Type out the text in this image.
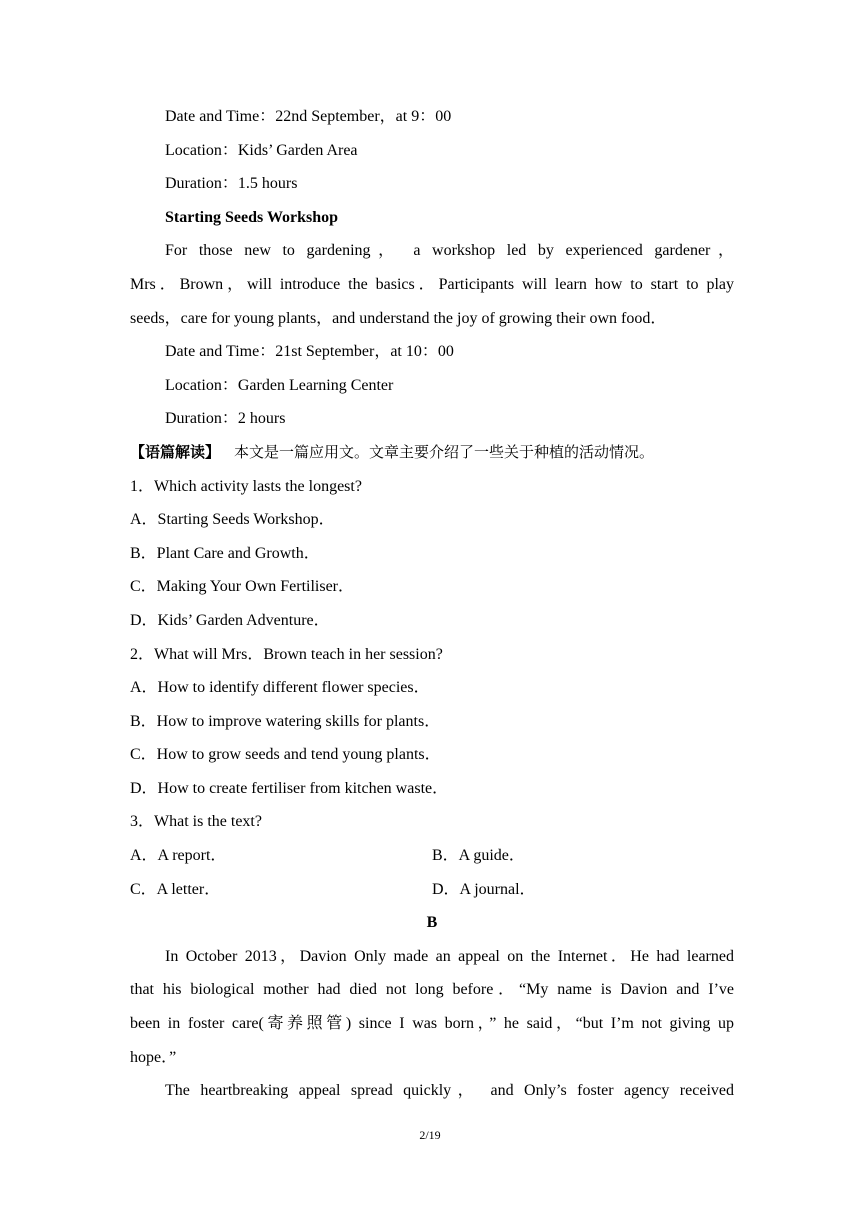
Date and Time：22nd September，at 9：00
Location：Kids’ Garden Area
Duration：1.5 hours
Starting Seeds Workshop
For those new to gardening， a workshop led by experienced gardener，
Mrs．Brown，will introduce the basics．Participants will learn how to start to play
seeds，care for young plants，and understand the joy of growing their own food．
Date and Time：21st September，at 10：00
Location：Garden Learning Center
Duration：2 hours
【语篇解读】 本文是一篇应用文。文章主要介绍了一些关于种植的活动情况。
1．Which activity lasts the longest?
A．Starting Seeds Workshop．
B．Plant Care and Growth．
C．Making Your Own Fertiliser．
D．Kids’ Garden Adventure．
2．What will Mrs．Brown teach in her session?
A．How to identify different flower species．
B．How to improve watering skills for plants．
C．How to grow seeds and tend young plants．
D．How to create fertiliser from kitchen waste．
3．What is the text?
A．A report．	B．A guide．
C．A letter．	D．A journal．
B
In October 2013，Davion Only made an appeal on the Internet．He had learned
that his biological mother had died not long before．“My name is Davion and I’ve
been in foster care(寄养照管) since I was born，” he said，“but I’m not giving up
hope．”
The heartbreaking appeal spread quickly， and Only’s foster agency received
2/19
